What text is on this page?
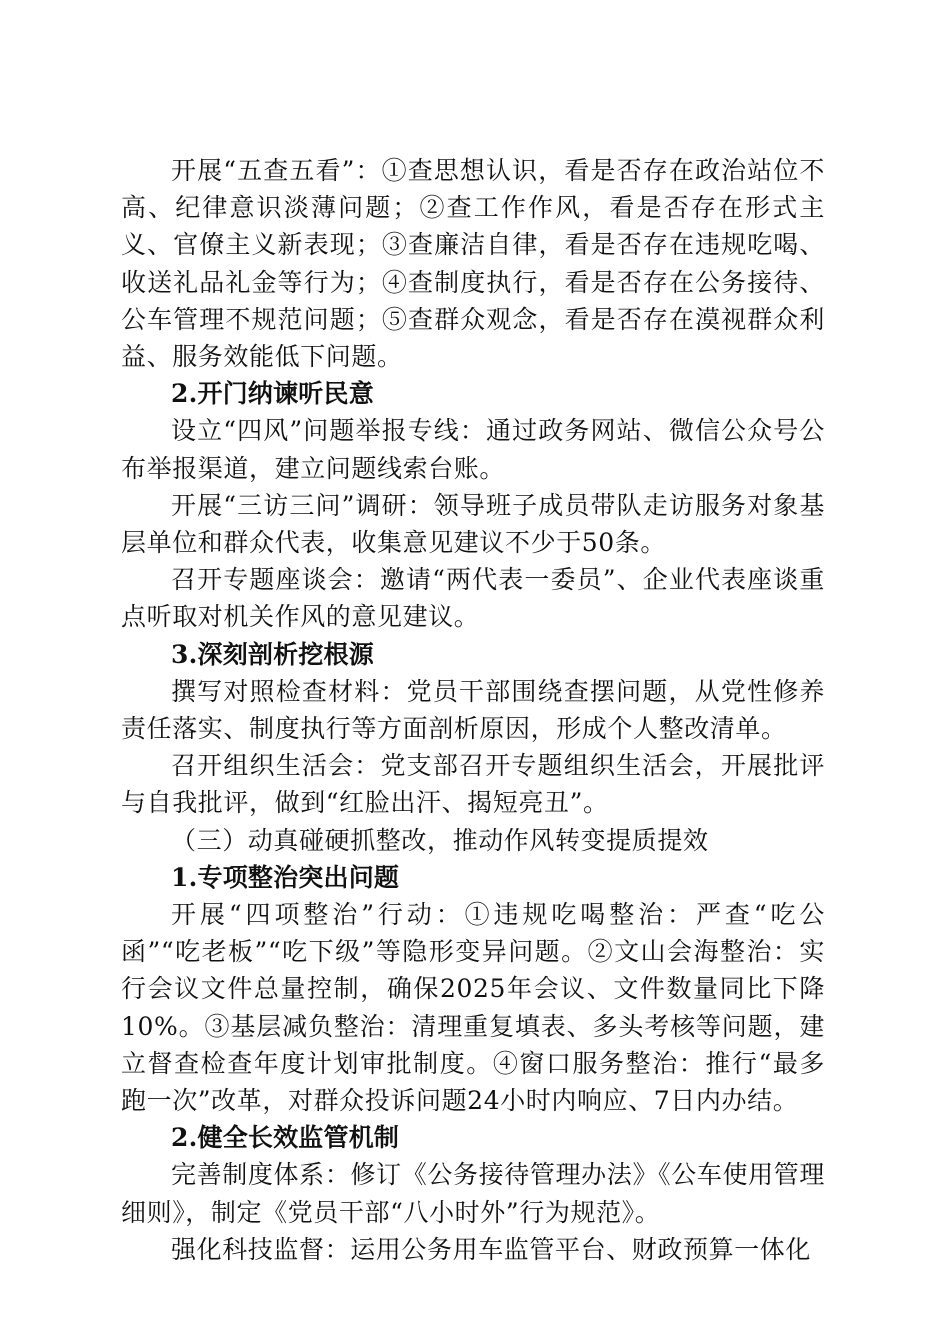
开展“五查五看”：①查思想认识，看是否存在政治站位不高、纪律意识淡薄问题；②查工作作风，看是否存在形式主义、官僚主义新表现；③查廉洁自律，看是否存在违规吃喝、收送礼品礼金等行为；④查制度执行，看是否存在公务接待、公车管理不规范问题；⑤查群众观念，看是否存在漠视群众利益、服务效能低下问题。

2.开门纳谏听民意

设立“四风”问题举报专线：通过政务网站、微信公众号公布举报渠道，建立问题线索台账。

开展“三访三问”调研：领导班子成员带队走访服务对象基层单位和群众代表，收集意见建议不少于50条。

召开专题座谈会：邀请“两代表一委员”、企业代表座谈重点听取对机关作风的意见建议。

3.深刻剖析挖根源

撰写对照检查材料：党员干部围绕查摆问题，从党性修养责任落实、制度执行等方面剖析原因，形成个人整改清单。

召开组织生活会：党支部召开专题组织生活会，开展批评与自我批评，做到“红脸出汗、揭短亮丑”。

（三）动真碰硬抓整改，推动作风转变提质提效

1.专项整治突出问题

开展“四项整治”行动：①违规吃喝整治：严查“吃公函”“吃老板”“吃下级”等隐形变异问题。②文山会海整治：实行会议文件总量控制，确保2025年会议、文件数量同比下降10%。③基层减负整治：清理重复填表、多头考核等问题，建立督查检查年度计划审批制度。④窗口服务整治：推行“最多跑一次”改革，对群众投诉问题24小时内响应、7日内办结。

2.健全长效监管机制

完善制度体系：修订《公务接待管理办法》《公车使用管理细则》，制定《党员干部“八小时外”行为规范》。

强化科技监督：运用公务用车监管平台、财政预算一体化
